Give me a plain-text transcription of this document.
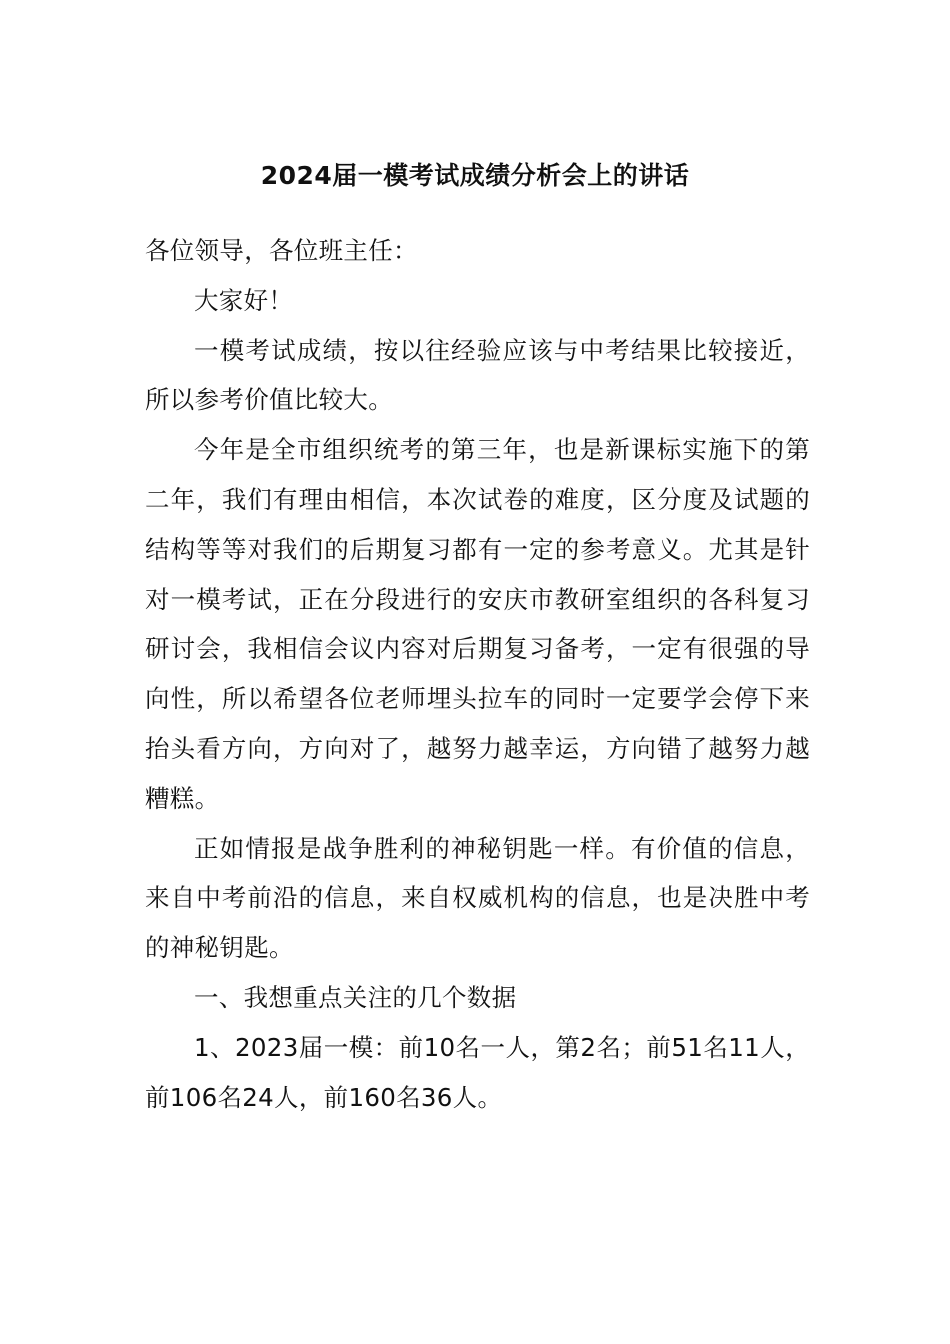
2024届一模考试成绩分析会上的讲话

各位领导，各位班主任：

大家好！

一模考试成绩，按以往经验应该与中考结果比较接近，所以参考价值比较大。

今年是全市组织统考的第三年，也是新课标实施下的第二年，我们有理由相信，本次试卷的难度，区分度及试题的结构等等对我们的后期复习都有一定的参考意义。尤其是针对一模考试，正在分段进行的安庆市教研室组织的各科复习研讨会，我相信会议内容对后期复习备考，一定有很强的导向性，所以希望各位老师埋头拉车的同时一定要学会停下来抬头看方向，方向对了，越努力越幸运，方向错了越努力越糟糕。

正如情报是战争胜利的神秘钥匙一样。有价值的信息，来自中考前沿的信息，来自权威机构的信息，也是决胜中考的神秘钥匙。

一、我想重点关注的几个数据

1、2023届一模：前10名一人，第2名；前51名11人，前106名24人，前160名36人。
